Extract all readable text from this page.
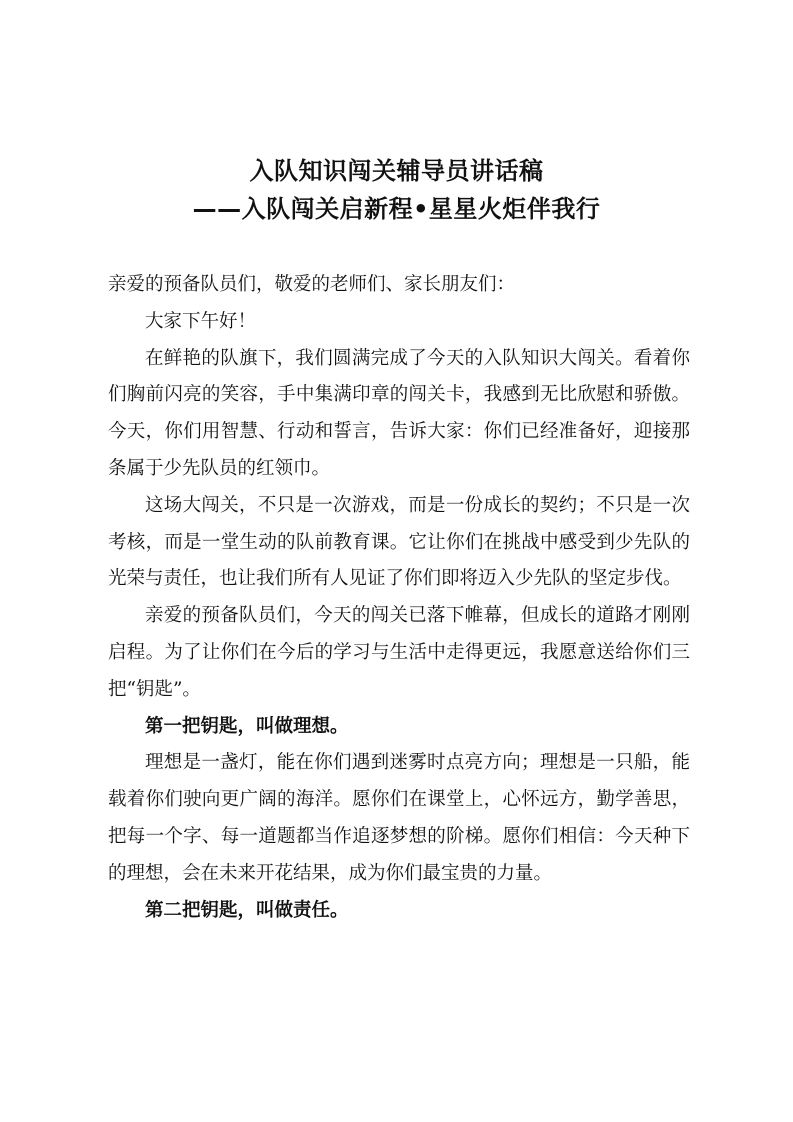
入队知识闯关辅导员讲话稿
——入队闯关启新程•星星火炬伴我行

亲爱的预备队员们，敬爱的老师们、家长朋友们：

大家下午好！

在鲜艳的队旗下，我们圆满完成了今天的入队知识大闯关。看着你们胸前闪亮的笑容，手中集满印章的闯关卡，我感到无比欣慰和骄傲。今天，你们用智慧、行动和誓言，告诉大家：你们已经准备好，迎接那条属于少先队员的红领巾。

这场大闯关，不只是一次游戏，而是一份成长的契约；不只是一次考核，而是一堂生动的队前教育课。它让你们在挑战中感受到少先队的光荣与责任，也让我们所有人见证了你们即将迈入少先队的坚定步伐。

亲爱的预备队员们，今天的闯关已落下帷幕，但成长的道路才刚刚启程。为了让你们在今后的学习与生活中走得更远，我愿意送给你们三把“钥匙”。

第一把钥匙，叫做理想。

理想是一盏灯，能在你们遇到迷雾时点亮方向；理想是一只船，能载着你们驶向更广阔的海洋。愿你们在课堂上，心怀远方，勤学善思，把每一个字、每一道题都当作追逐梦想的阶梯。愿你们相信：今天种下的理想，会在未来开花结果，成为你们最宝贵的力量。

第二把钥匙，叫做责任。
